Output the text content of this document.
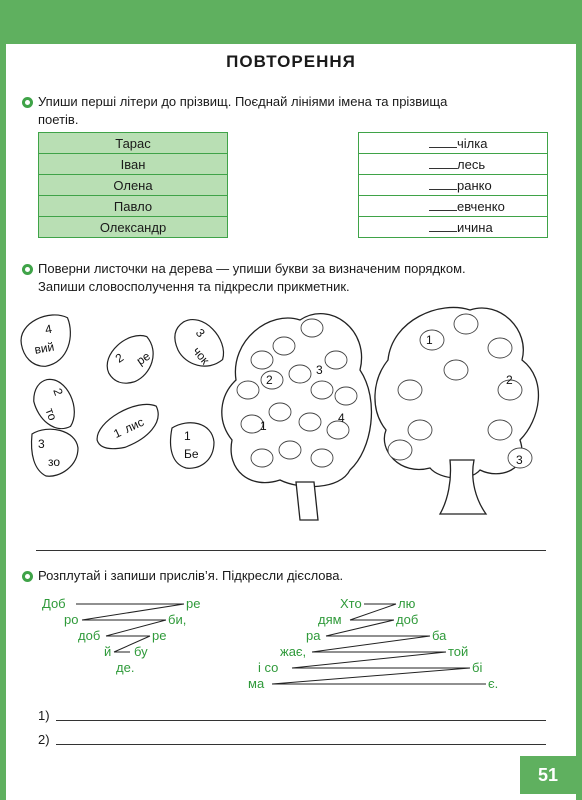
ПОВТОРЕННЯ
Упиши перші літери до прізвищ. Поєднай лініями імена та прізвища
поетів.
Тарас
Іван
Олена
Павло
Олександр
чілка
лесь
ранко
евченко
ичина
Поверни листочки на дерева — упиши букви за визначеним порядком.
Запиши словосполучення та підкресли прикметник.
4
вий
2 ре
3
чок
2
то
1
лис
1
Бе
3
зо
1
2
3
4
1
2
3
Розплутай і запиши прислів’я. Підкресли дієслова.
Доб	ре
ро	би,
доб	ре
й бу
де.
Хто	лю
дям	доб
ра	ба
жає,	той
і со	бі
ма	є.
1)
2)
51
